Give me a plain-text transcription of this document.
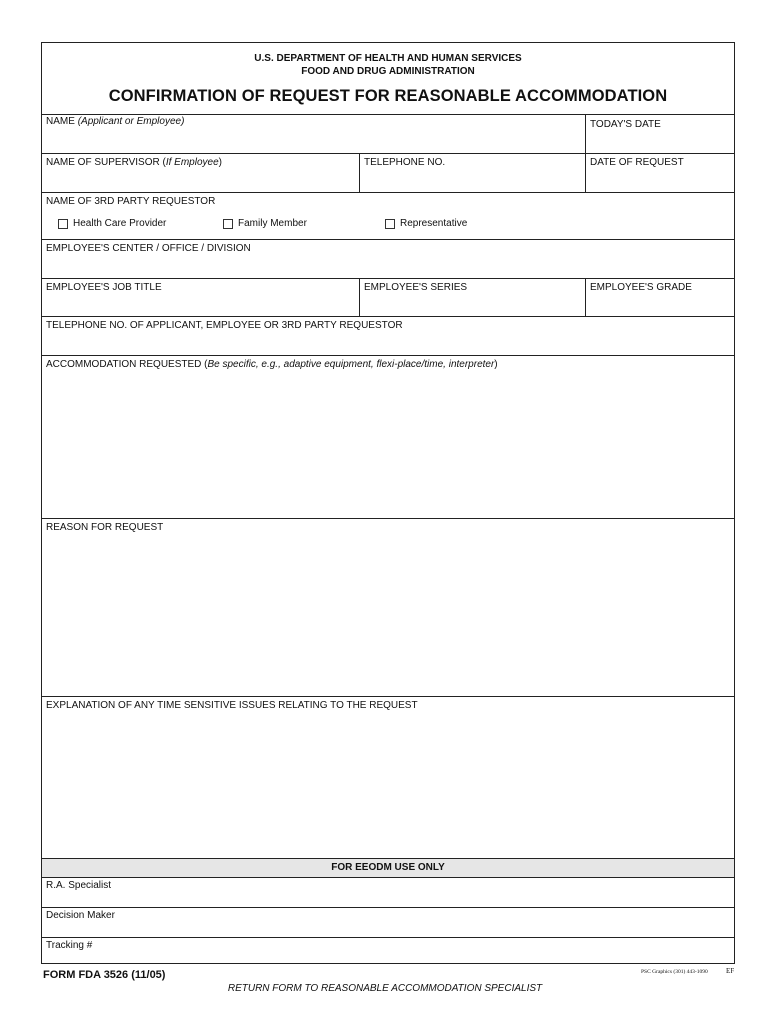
U.S. DEPARTMENT OF HEALTH AND HUMAN SERVICES
FOOD AND DRUG ADMINISTRATION
CONFIRMATION OF REQUEST FOR REASONABLE ACCOMMODATION
NAME (Applicant or Employee)	TODAY'S DATE
NAME OF SUPERVISOR (If Employee)	TELEPHONE NO.	DATE OF REQUEST
NAME OF 3RD PARTY REQUESTOR
Health Care Provider	Family Member	Representative
EMPLOYEE'S CENTER / OFFICE / DIVISION
EMPLOYEE'S JOB TITLE	EMPLOYEE'S SERIES	EMPLOYEE'S GRADE
TELEPHONE NO. OF APPLICANT, EMPLOYEE OR 3RD PARTY REQUESTOR
ACCOMMODATION REQUESTED (Be specific, e.g., adaptive equipment, flexi-place/time, interpreter)
REASON FOR REQUEST
EXPLANATION OF ANY TIME SENSITIVE ISSUES RELATING TO THE REQUEST
FOR EEODM USE ONLY
R.A. Specialist
Decision Maker
Tracking #
FORM FDA 3526 (11/05)	PSC Graphics (301) 443-1090	EF
RETURN FORM TO REASONABLE ACCOMMODATION SPECIALIST
